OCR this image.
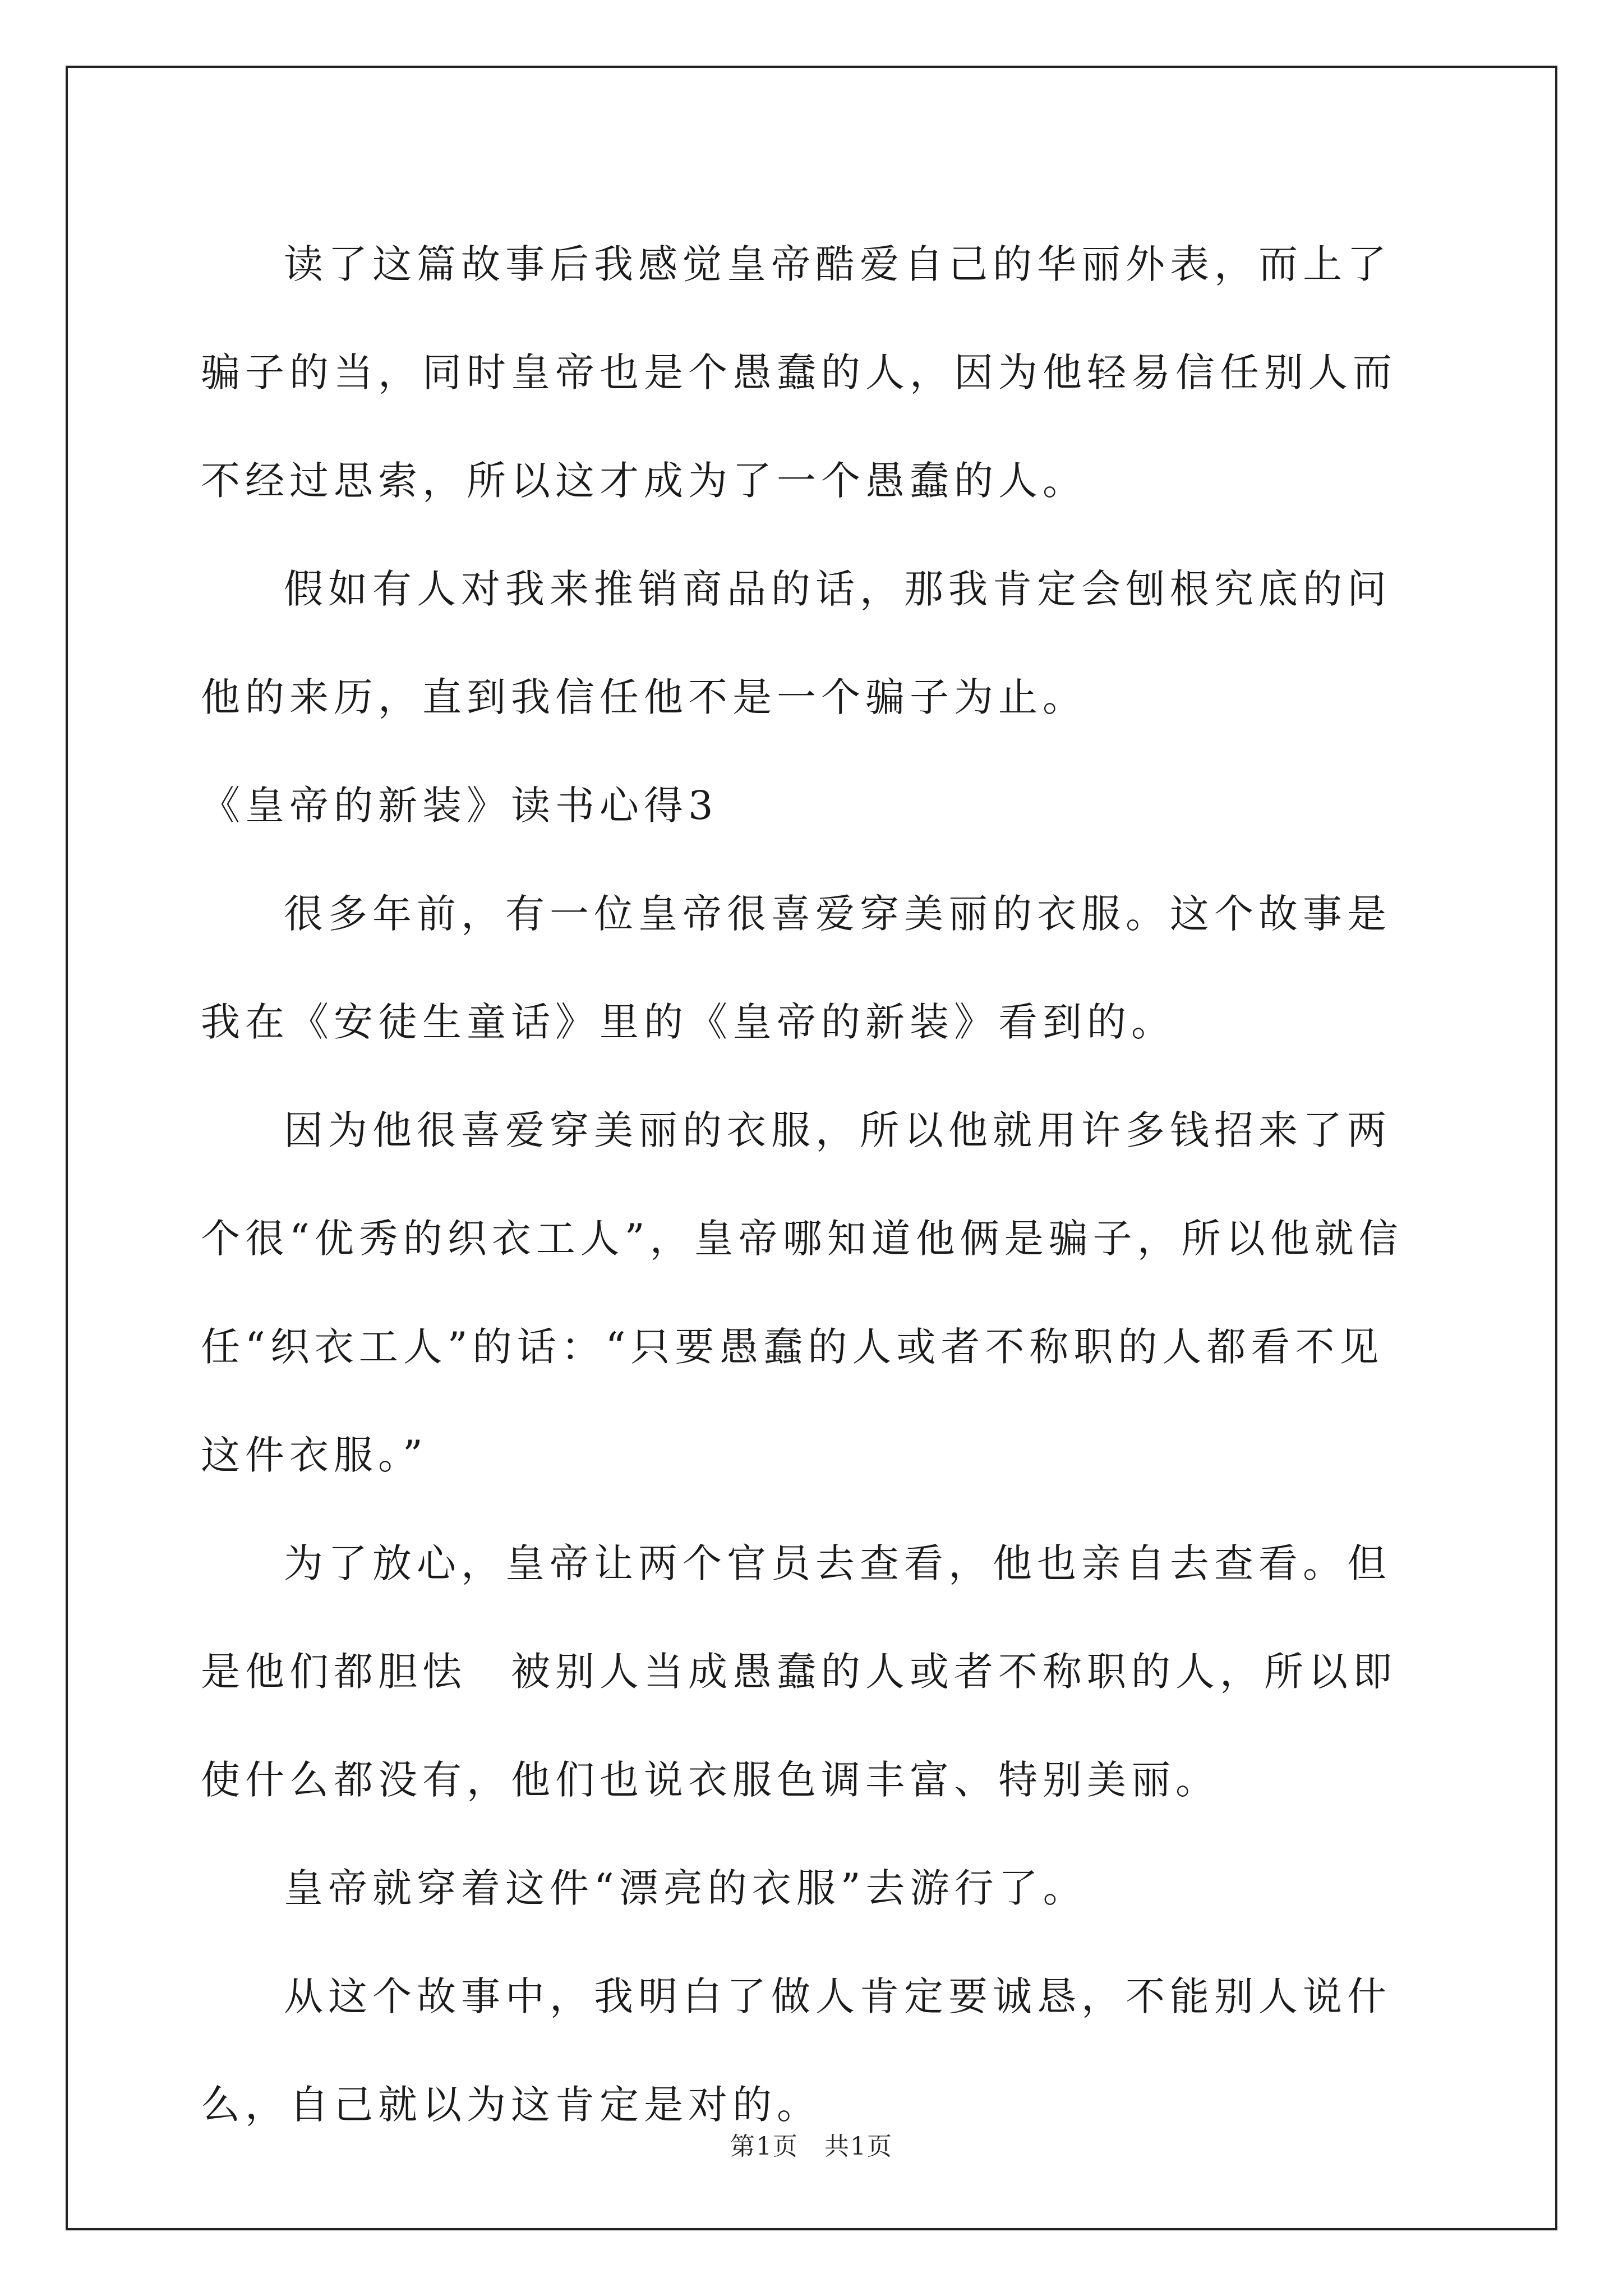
读了这篇故事后我感觉皇帝酷爱自己的华丽外表，而上了骗子的当，同时皇帝也是个愚蠢的人，因为他轻易信任别人而不经过思索，所以这才成为了一个愚蠢的人。

假如有人对我来推销商品的话，那我肯定会刨根究底的问他的来历，直到我信任他不是一个骗子为止。

《皇帝的新装》读书心得3

很多年前，有一位皇帝很喜爱穿美丽的衣服。这个故事是我在《安徒生童话》里的《皇帝的新装》看到的。

因为他很喜爱穿美丽的衣服，所以他就用许多钱招来了两个很“优秀的织衣工人”，皇帝哪知道他俩是骗子，所以他就信任“织衣工人”的话：“只要愚蠢的人或者不称职的人都看不见这件衣服。”

为了放心，皇帝让两个官员去查看，他也亲自去查看。但是他们都胆怯　被别人当成愚蠢的人或者不称职的人，所以即使什么都没有，他们也说衣服色调丰富、特别美丽。

皇帝就穿着这件“漂亮的衣服”去游行了。

从这个故事中，我明白了做人肯定要诚恳，不能别人说什么，自己就以为这肯定是对的。

第1页　共1页
